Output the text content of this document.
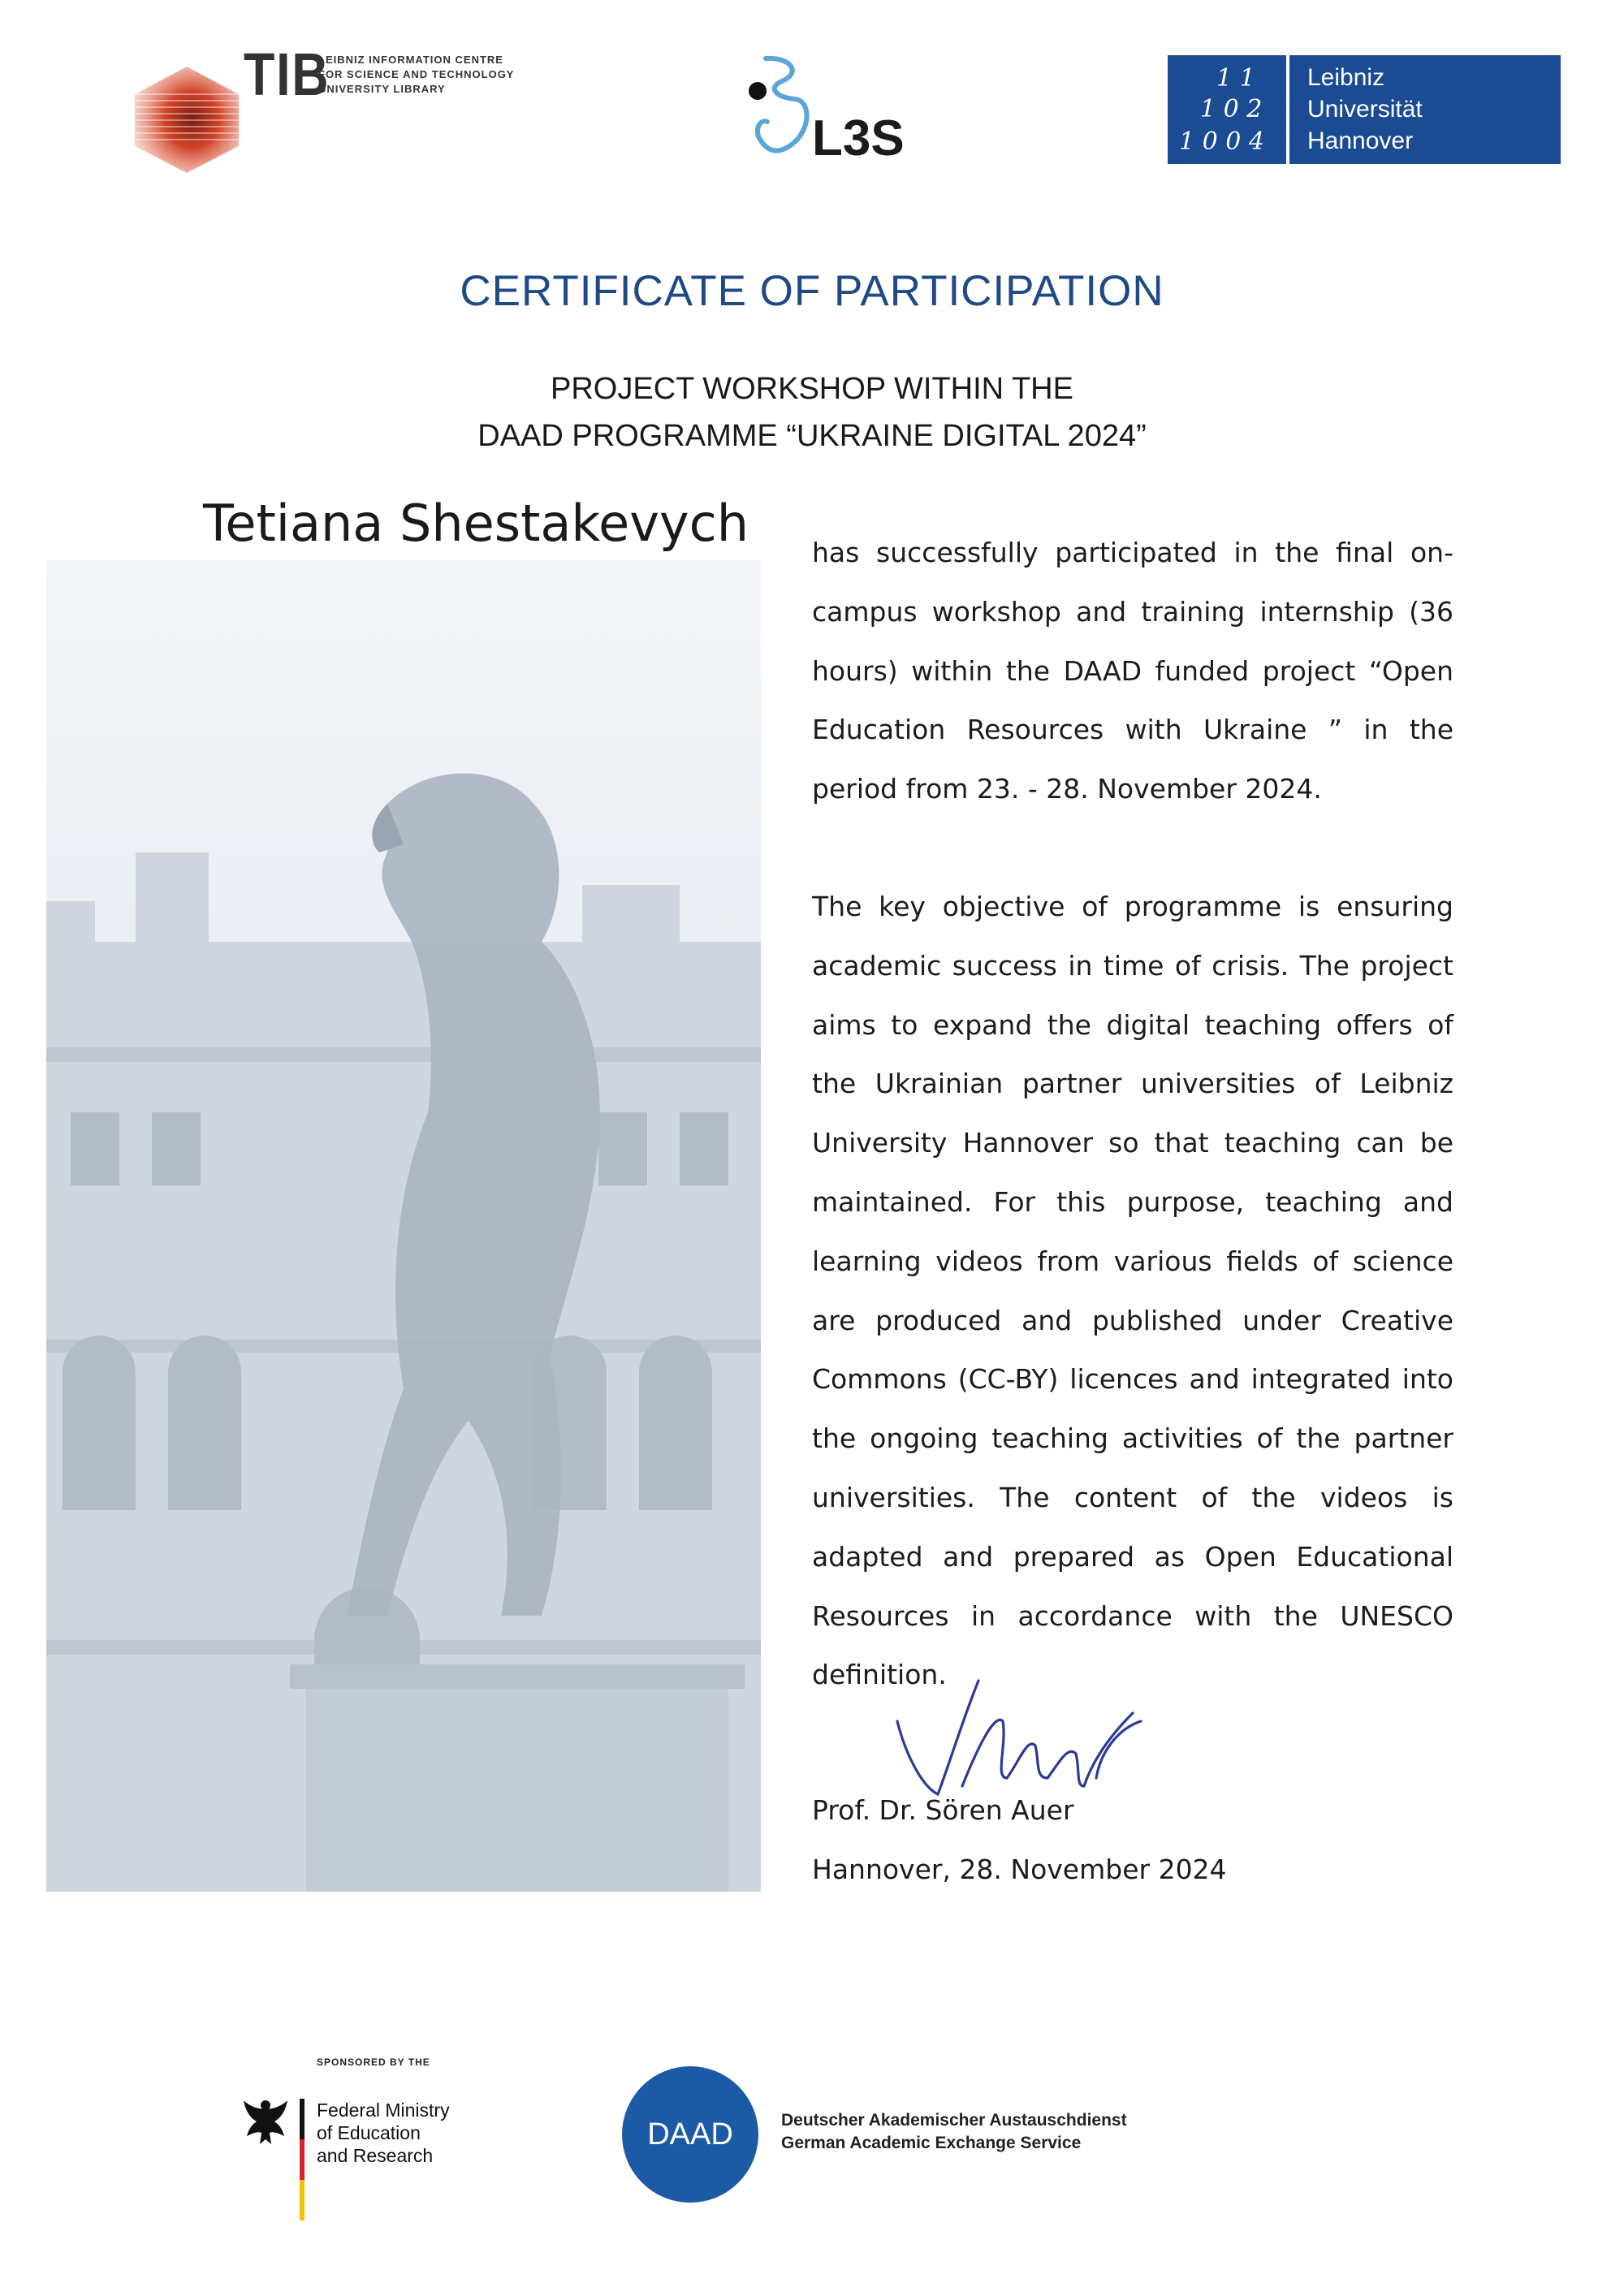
TIB
LEIBNIZ INFORMATION CENTRE
FOR SCIENCE AND TECHNOLOGY
UNIVERSITY LIBRARY
L3S
1 1
1 0 2
1 0 0 4
Leibniz
Universität
Hannover
CERTIFICATE OF PARTICIPATION
PROJECT WORKSHOP WITHIN THE
DAAD PROGRAMME “UKRAINE DIGITAL 2024”
Tetiana Shestakevych has successfully participated in the final on-campus workshop and training internship (36 hours) within the DAAD funded project “Open Education Resources with Ukraine ” in the period from 23. - 28. November 2024.

The key objective of programme is ensuring academic success in time of crisis. The project aims to expand the digital teaching offers of the Ukrainian partner universities of Leibniz University Hannover so that teaching can be maintained. For this purpose, teaching and learning videos from various fields of science are produced and published under Creative Commons (CC-BY) licences and integrated into the ongoing teaching activities of the partner universities. The content of the videos is adapted and prepared as Open Educational Resources in accordance with the UNESCO definition.

Prof. Dr. Sören Auer
Hannover, 28. November 2024
SPONSORED BY THE
Federal Ministry
of Education
and Research
DAAD	Deutscher Akademischer Austauschdienst
German Academic Exchange Service
